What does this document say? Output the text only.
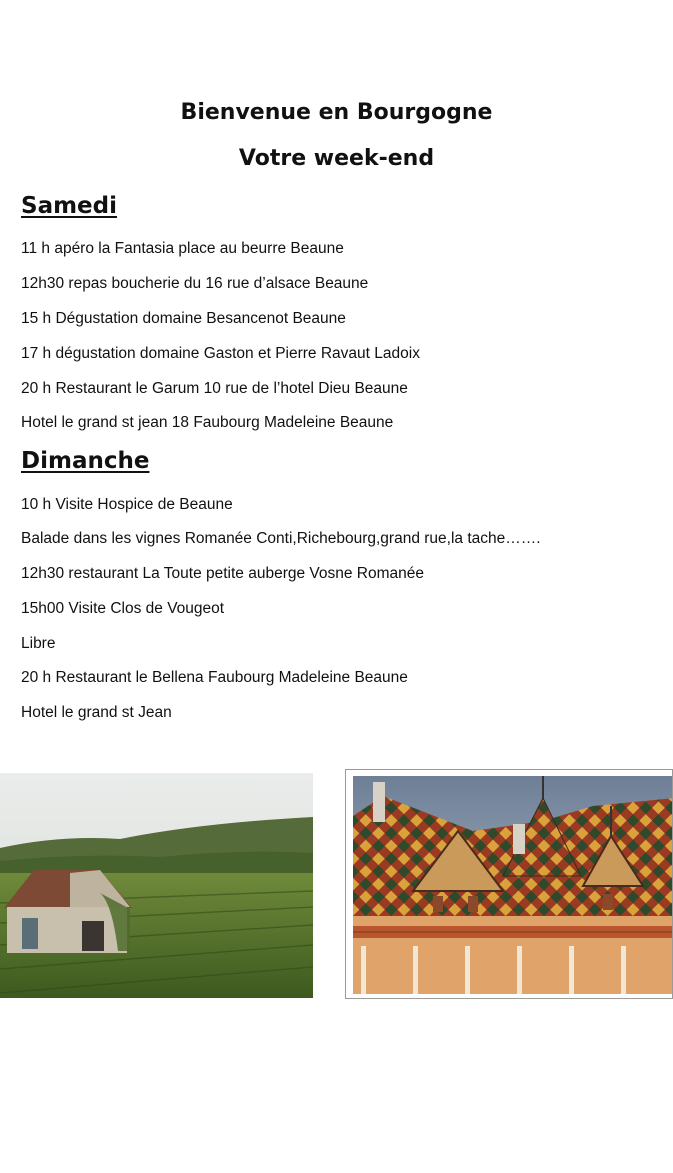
Bienvenue en Bourgogne
Votre week-end
Samedi

11 h apéro la Fantasia place au beurre Beaune

12h30 repas boucherie du 16 rue d’alsace Beaune

15 h Dégustation domaine Besancenot Beaune

17 h dégustation domaine Gaston et Pierre Ravaut Ladoix

20 h Restaurant le Garum 10 rue de l’hotel Dieu Beaune

Hotel le grand st jean 18 Faubourg Madeleine Beaune

Dimanche

10 h Visite Hospice de Beaune

Balade dans les vignes Romanée Conti,Richebourg,grand rue,la tache…….

12h30 restaurant La Toute petite auberge Vosne Romanée

15h00 Visite Clos de Vougeot

Libre

20 h Restaurant le Bellena Faubourg Madeleine Beaune

Hotel le grand st Jean
